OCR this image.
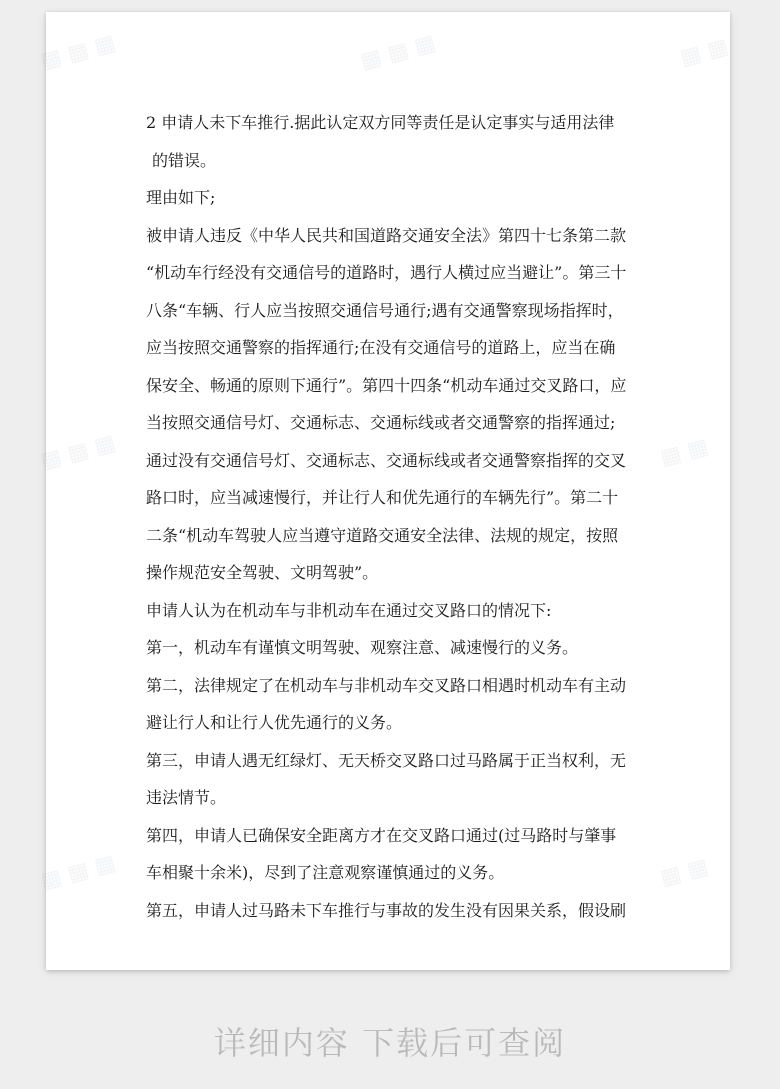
2 申请人未下车推行.据此认定双方同等责任是认定事实与适用法律
的错误。
理由如下;
被申请人违反《中华人民共和国道路交通安全法》第四十七条第二款
“机动车行经没有交通信号的道路时，遇行人横过应当避让”。第三十
八条“车辆、行人应当按照交通信号通行;遇有交通警察现场指挥时，
应当按照交通警察的指挥通行;在没有交通信号的道路上，应当在确
保安全、畅通的原则下通行”。第四十四条“机动车通过交叉路口，应
当按照交通信号灯、交通标志、交通标线或者交通警察的指挥通过;
通过没有交通信号灯、交通标志、交通标线或者交通警察指挥的交叉
路口时，应当减速慢行，并让行人和优先通行的车辆先行”。第二十
二条“机动车驾驶人应当遵守道路交通安全法律、法规的规定，按照
操作规范安全驾驶、文明驾驶”。
申请人认为在机动车与非机动车在通过交叉路口的情况下:
第一，机动车有谨慎文明驾驶、观察注意、减速慢行的义务。
第二，法律规定了在机动车与非机动车交叉路口相遇时机动车有主动
避让行人和让行人优先通行的义务。
第三，申请人遇无红绿灯、无天桥交叉路口过马路属于正当权利，无
违法情节。
第四，申请人已确保安全距离方才在交叉路口通过(过马路时与肇事
车相聚十余米)，尽到了注意观察谨慎通过的义务。
第五，申请人过马路未下车推行与事故的发生没有因果关系，假设刷
详细内容 下载后可查阅
